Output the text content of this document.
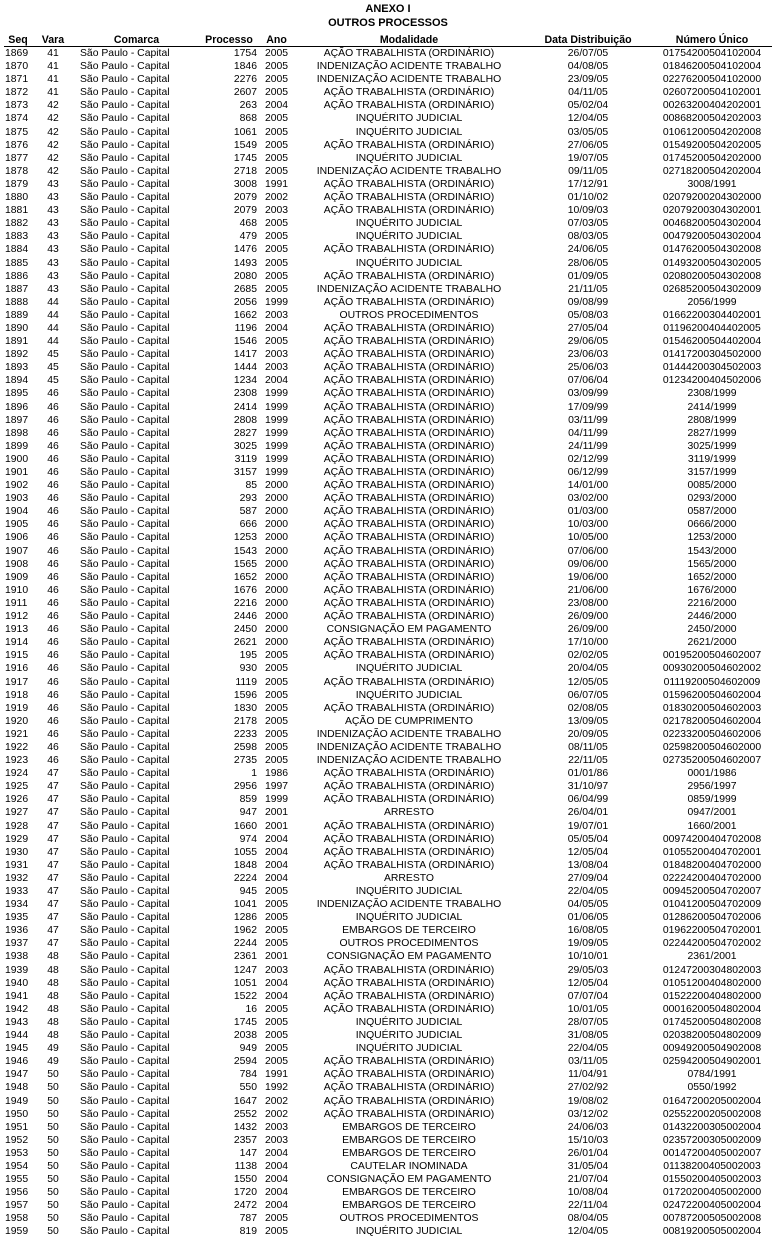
ANEXO I
OUTROS PROCESSOS
Seq	Vara	Comarca	Processo	Ano	Modalidade	Data Distribuição	Número Único
1869	41	São Paulo - Capital	1754	2005	AÇÃO TRABALHISTA (ORDINÁRIO)	26/07/05	01754200504102004
1870	41	São Paulo - Capital	1846	2005	INDENIZAÇÃO ACIDENTE TRABALHO	04/08/05	01846200504102004
1871	41	São Paulo - Capital	2276	2005	INDENIZAÇÃO ACIDENTE TRABALHO	23/09/05	02276200504102000
1872	41	São Paulo - Capital	2607	2005	AÇÃO TRABALHISTA (ORDINÁRIO)	04/11/05	02607200504102001
1873	42	São Paulo - Capital	263	2004	AÇÃO TRABALHISTA (ORDINÁRIO)	05/02/04	00263200404202001
1874	42	São Paulo - Capital	868	2005	INQUÉRITO JUDICIAL	12/04/05	00868200504202003
1875	42	São Paulo - Capital	1061	2005	INQUÉRITO JUDICIAL	03/05/05	01061200504202008
1876	42	São Paulo - Capital	1549	2005	AÇÃO TRABALHISTA (ORDINÁRIO)	27/06/05	01549200504202005
1877	42	São Paulo - Capital	1745	2005	INQUÉRITO JUDICIAL	19/07/05	01745200504202000
1878	42	São Paulo - Capital	2718	2005	INDENIZAÇÃO ACIDENTE TRABALHO	09/11/05	02718200504202004
1879	43	São Paulo - Capital	3008	1991	AÇÃO TRABALHISTA (ORDINÁRIO)	17/12/91	3008/1991
1880	43	São Paulo - Capital	2079	2002	AÇÃO TRABALHISTA (ORDINÁRIO)	01/10/02	02079200204302000
1881	43	São Paulo - Capital	2079	2003	AÇÃO TRABALHISTA (ORDINÁRIO)	10/09/03	02079200304302001
1882	43	São Paulo - Capital	468	2005	INQUÉRITO JUDICIAL	07/03/05	00468200504302004
1883	43	São Paulo - Capital	479	2005	INQUÉRITO JUDICIAL	08/03/05	00479200504302004
1884	43	São Paulo - Capital	1476	2005	AÇÃO TRABALHISTA (ORDINÁRIO)	24/06/05	01476200504302008
1885	43	São Paulo - Capital	1493	2005	INQUÉRITO JUDICIAL	28/06/05	01493200504302005
1886	43	São Paulo - Capital	2080	2005	AÇÃO TRABALHISTA (ORDINÁRIO)	01/09/05	02080200504302008
1887	43	São Paulo - Capital	2685	2005	INDENIZAÇÃO ACIDENTE TRABALHO	21/11/05	02685200504302009
1888	44	São Paulo - Capital	2056	1999	AÇÃO TRABALHISTA (ORDINÁRIO)	09/08/99	2056/1999
1889	44	São Paulo - Capital	1662	2003	OUTROS PROCEDIMENTOS	05/08/03	01662200304402001
1890	44	São Paulo - Capital	1196	2004	AÇÃO TRABALHISTA (ORDINÁRIO)	27/05/04	01196200404402005
1891	44	São Paulo - Capital	1546	2005	AÇÃO TRABALHISTA (ORDINÁRIO)	29/06/05	01546200504402004
1892	45	São Paulo - Capital	1417	2003	AÇÃO TRABALHISTA (ORDINÁRIO)	23/06/03	01417200304502000
1893	45	São Paulo - Capital	1444	2003	AÇÃO TRABALHISTA (ORDINÁRIO)	25/06/03	01444200304502003
1894	45	São Paulo - Capital	1234	2004	AÇÃO TRABALHISTA (ORDINÁRIO)	07/06/04	01234200404502006
1895	46	São Paulo - Capital	2308	1999	AÇÃO TRABALHISTA (ORDINÁRIO)	03/09/99	2308/1999
1896	46	São Paulo - Capital	2414	1999	AÇÃO TRABALHISTA (ORDINÁRIO)	17/09/99	2414/1999
1897	46	São Paulo - Capital	2808	1999	AÇÃO TRABALHISTA (ORDINÁRIO)	03/11/99	2808/1999
1898	46	São Paulo - Capital	2827	1999	AÇÃO TRABALHISTA (ORDINÁRIO)	04/11/99	2827/1999
1899	46	São Paulo - Capital	3025	1999	AÇÃO TRABALHISTA (ORDINÁRIO)	24/11/99	3025/1999
1900	46	São Paulo - Capital	3119	1999	AÇÃO TRABALHISTA (ORDINÁRIO)	02/12/99	3119/1999
1901	46	São Paulo - Capital	3157	1999	AÇÃO TRABALHISTA (ORDINÁRIO)	06/12/99	3157/1999
1902	46	São Paulo - Capital	85	2000	AÇÃO TRABALHISTA (ORDINÁRIO)	14/01/00	0085/2000
1903	46	São Paulo - Capital	293	2000	AÇÃO TRABALHISTA (ORDINÁRIO)	03/02/00	0293/2000
1904	46	São Paulo - Capital	587	2000	AÇÃO TRABALHISTA (ORDINÁRIO)	01/03/00	0587/2000
1905	46	São Paulo - Capital	666	2000	AÇÃO TRABALHISTA (ORDINÁRIO)	10/03/00	0666/2000
1906	46	São Paulo - Capital	1253	2000	AÇÃO TRABALHISTA (ORDINÁRIO)	10/05/00	1253/2000
1907	46	São Paulo - Capital	1543	2000	AÇÃO TRABALHISTA (ORDINÁRIO)	07/06/00	1543/2000
1908	46	São Paulo - Capital	1565	2000	AÇÃO TRABALHISTA (ORDINÁRIO)	09/06/00	1565/2000
1909	46	São Paulo - Capital	1652	2000	AÇÃO TRABALHISTA (ORDINÁRIO)	19/06/00	1652/2000
1910	46	São Paulo - Capital	1676	2000	AÇÃO TRABALHISTA (ORDINÁRIO)	21/06/00	1676/2000
1911	46	São Paulo - Capital	2216	2000	AÇÃO TRABALHISTA (ORDINÁRIO)	23/08/00	2216/2000
1912	46	São Paulo - Capital	2446	2000	AÇÃO TRABALHISTA (ORDINÁRIO)	26/09/00	2446/2000
1913	46	São Paulo - Capital	2450	2000	CONSIGNAÇÃO EM PAGAMENTO	26/09/00	2450/2000
1914	46	São Paulo - Capital	2621	2000	AÇÃO TRABALHISTA (ORDINÁRIO)	17/10/00	2621/2000
1915	46	São Paulo - Capital	195	2005	AÇÃO TRABALHISTA (ORDINÁRIO)	02/02/05	00195200504602007
1916	46	São Paulo - Capital	930	2005	INQUÉRITO JUDICIAL	20/04/05	00930200504602002
1917	46	São Paulo - Capital	1119	2005	AÇÃO TRABALHISTA (ORDINÁRIO)	12/05/05	01119200504602009
1918	46	São Paulo - Capital	1596	2005	INQUÉRITO JUDICIAL	06/07/05	01596200504602004
1919	46	São Paulo - Capital	1830	2005	AÇÃO TRABALHISTA (ORDINÁRIO)	02/08/05	01830200504602003
1920	46	São Paulo - Capital	2178	2005	AÇÃO DE CUMPRIMENTO	13/09/05	02178200504602004
1921	46	São Paulo - Capital	2233	2005	INDENIZAÇÃO ACIDENTE TRABALHO	20/09/05	02233200504602006
1922	46	São Paulo - Capital	2598	2005	INDENIZAÇÃO ACIDENTE TRABALHO	08/11/05	02598200504602000
1923	46	São Paulo - Capital	2735	2005	INDENIZAÇÃO ACIDENTE TRABALHO	22/11/05	02735200504602007
1924	47	São Paulo - Capital	1	1986	AÇÃO TRABALHISTA (ORDINÁRIO)	01/01/86	0001/1986
1925	47	São Paulo - Capital	2956	1997	AÇÃO TRABALHISTA (ORDINÁRIO)	31/10/97	2956/1997
1926	47	São Paulo - Capital	859	1999	AÇÃO TRABALHISTA (ORDINÁRIO)	06/04/99	0859/1999
1927	47	São Paulo - Capital	947	2001	ARRESTO	26/04/01	0947/2001
1928	47	São Paulo - Capital	1660	2001	AÇÃO TRABALHISTA (ORDINÁRIO)	19/07/01	1660/2001
1929	47	São Paulo - Capital	974	2004	AÇÃO TRABALHISTA (ORDINÁRIO)	05/05/04	00974200404702008
1930	47	São Paulo - Capital	1055	2004	AÇÃO TRABALHISTA (ORDINÁRIO)	12/05/04	01055200404702001
1931	47	São Paulo - Capital	1848	2004	AÇÃO TRABALHISTA (ORDINÁRIO)	13/08/04	01848200404702000
1932	47	São Paulo - Capital	2224	2004	ARRESTO	27/09/04	02224200404702000
1933	47	São Paulo - Capital	945	2005	INQUÉRITO JUDICIAL	22/04/05	00945200504702007
1934	47	São Paulo - Capital	1041	2005	INDENIZAÇÃO ACIDENTE TRABALHO	04/05/05	01041200504702009
1935	47	São Paulo - Capital	1286	2005	INQUÉRITO JUDICIAL	01/06/05	01286200504702006
1936	47	São Paulo - Capital	1962	2005	EMBARGOS DE TERCEIRO	16/08/05	01962200504702001
1937	47	São Paulo - Capital	2244	2005	OUTROS PROCEDIMENTOS	19/09/05	02244200504702002
1938	48	São Paulo - Capital	2361	2001	CONSIGNAÇÃO EM PAGAMENTO	10/10/01	2361/2001
1939	48	São Paulo - Capital	1247	2003	AÇÃO TRABALHISTA (ORDINÁRIO)	29/05/03	01247200304802003
1940	48	São Paulo - Capital	1051	2004	AÇÃO TRABALHISTA (ORDINÁRIO)	12/05/04	01051200404802000
1941	48	São Paulo - Capital	1522	2004	AÇÃO TRABALHISTA (ORDINÁRIO)	07/07/04	01522200404802000
1942	48	São Paulo - Capital	16	2005	AÇÃO TRABALHISTA (ORDINÁRIO)	10/01/05	00016200504802004
1943	48	São Paulo - Capital	1745	2005	INQUÉRITO JUDICIAL	28/07/05	01745200504802008
1944	48	São Paulo - Capital	2038	2005	INQUÉRITO JUDICIAL	31/08/05	02038200504802009
1945	49	São Paulo - Capital	949	2005	INQUÉRITO JUDICIAL	22/04/05	00949200504902008
1946	49	São Paulo - Capital	2594	2005	AÇÃO TRABALHISTA (ORDINÁRIO)	03/11/05	02594200504902001
1947	50	São Paulo - Capital	784	1991	AÇÃO TRABALHISTA (ORDINÁRIO)	11/04/91	0784/1991
1948	50	São Paulo - Capital	550	1992	AÇÃO TRABALHISTA (ORDINÁRIO)	27/02/92	0550/1992
1949	50	São Paulo - Capital	1647	2002	AÇÃO TRABALHISTA (ORDINÁRIO)	19/08/02	01647200205002004
1950	50	São Paulo - Capital	2552	2002	AÇÃO TRABALHISTA (ORDINÁRIO)	03/12/02	02552200205002008
1951	50	São Paulo - Capital	1432	2003	EMBARGOS DE TERCEIRO	24/06/03	01432200305002004
1952	50	São Paulo - Capital	2357	2003	EMBARGOS DE TERCEIRO	15/10/03	02357200305002009
1953	50	São Paulo - Capital	147	2004	EMBARGOS DE TERCEIRO	26/01/04	00147200405002007
1954	50	São Paulo - Capital	1138	2004	CAUTELAR INOMINADA	31/05/04	01138200405002003
1955	50	São Paulo - Capital	1550	2004	CONSIGNAÇÃO EM PAGAMENTO	21/07/04	01550200405002003
1956	50	São Paulo - Capital	1720	2004	EMBARGOS DE TERCEIRO	10/08/04	01720200405002000
1957	50	São Paulo - Capital	2472	2004	EMBARGOS DE TERCEIRO	22/11/04	02472200405002004
1958	50	São Paulo - Capital	787	2005	OUTROS PROCEDIMENTOS	08/04/05	00787200505002008
1959	50	São Paulo - Capital	819	2005	INQUÉRITO JUDICIAL	12/04/05	00819200505002004
